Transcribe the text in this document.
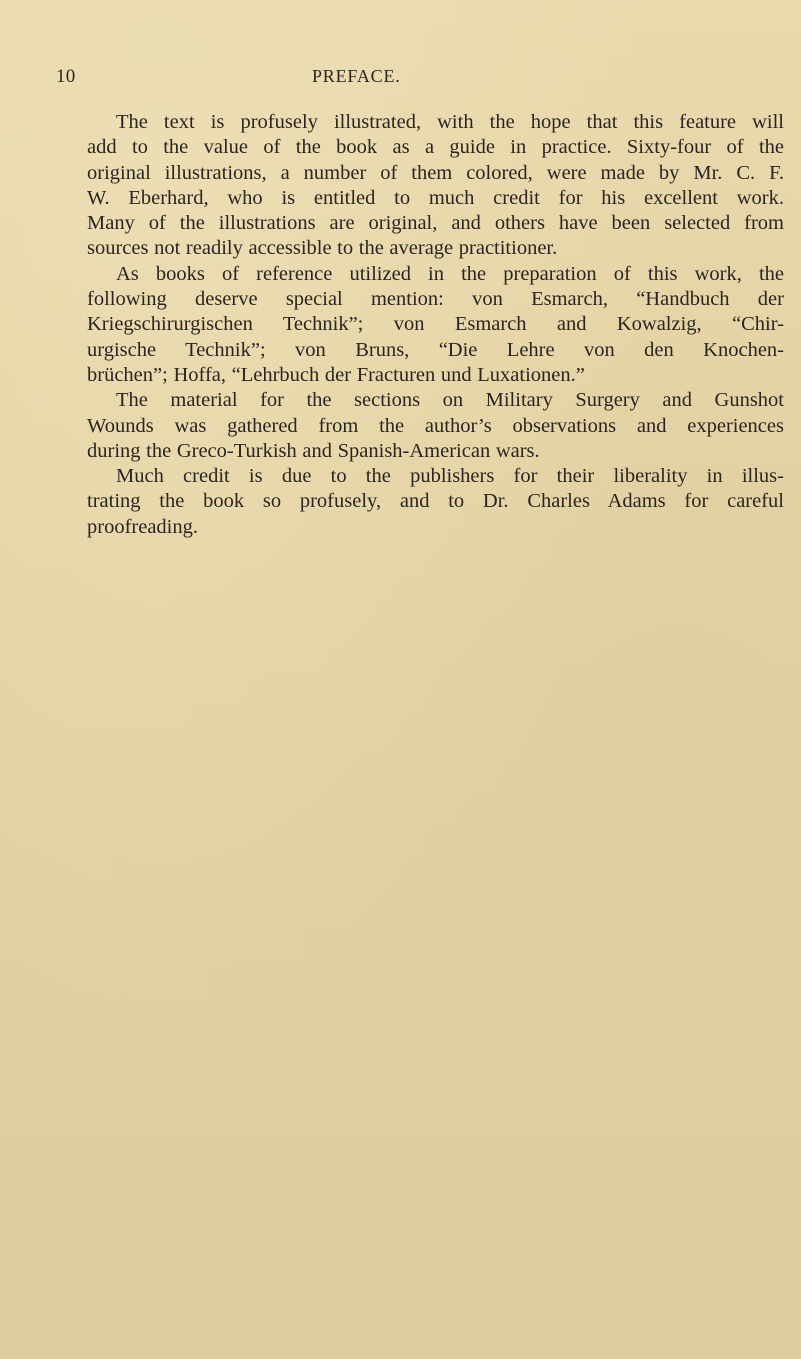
10	PREFACE.
The text is profusely illustrated, with the hope that this feature will
add to the value of the book as a guide in practice. Sixty-four of the
original illustrations, a number of them colored, were made by Mr. C. F.
W. Eberhard, who is entitled to much credit for his excellent work.
Many of the illustrations are original, and others have been selected from
sources not readily accessible to the average practitioner.
As books of reference utilized in the preparation of this work, the
following deserve special mention: von Esmarch, “Handbuch der
Kriegschirurgischen Technik”; von Esmarch and Kowalzig, “Chir-
urgische Technik”; von Bruns, “Die Lehre von den Knochen-
brüchen”; Hoffa, “Lehrbuch der Fracturen und Luxationen.”
The material for the sections on Military Surgery and Gunshot
Wounds was gathered from the author’s observations and experiences
during the Greco-Turkish and Spanish-American wars.
Much credit is due to the publishers for their liberality in illus-
trating the book so profusely, and to Dr. Charles Adams for careful
proofreading.
